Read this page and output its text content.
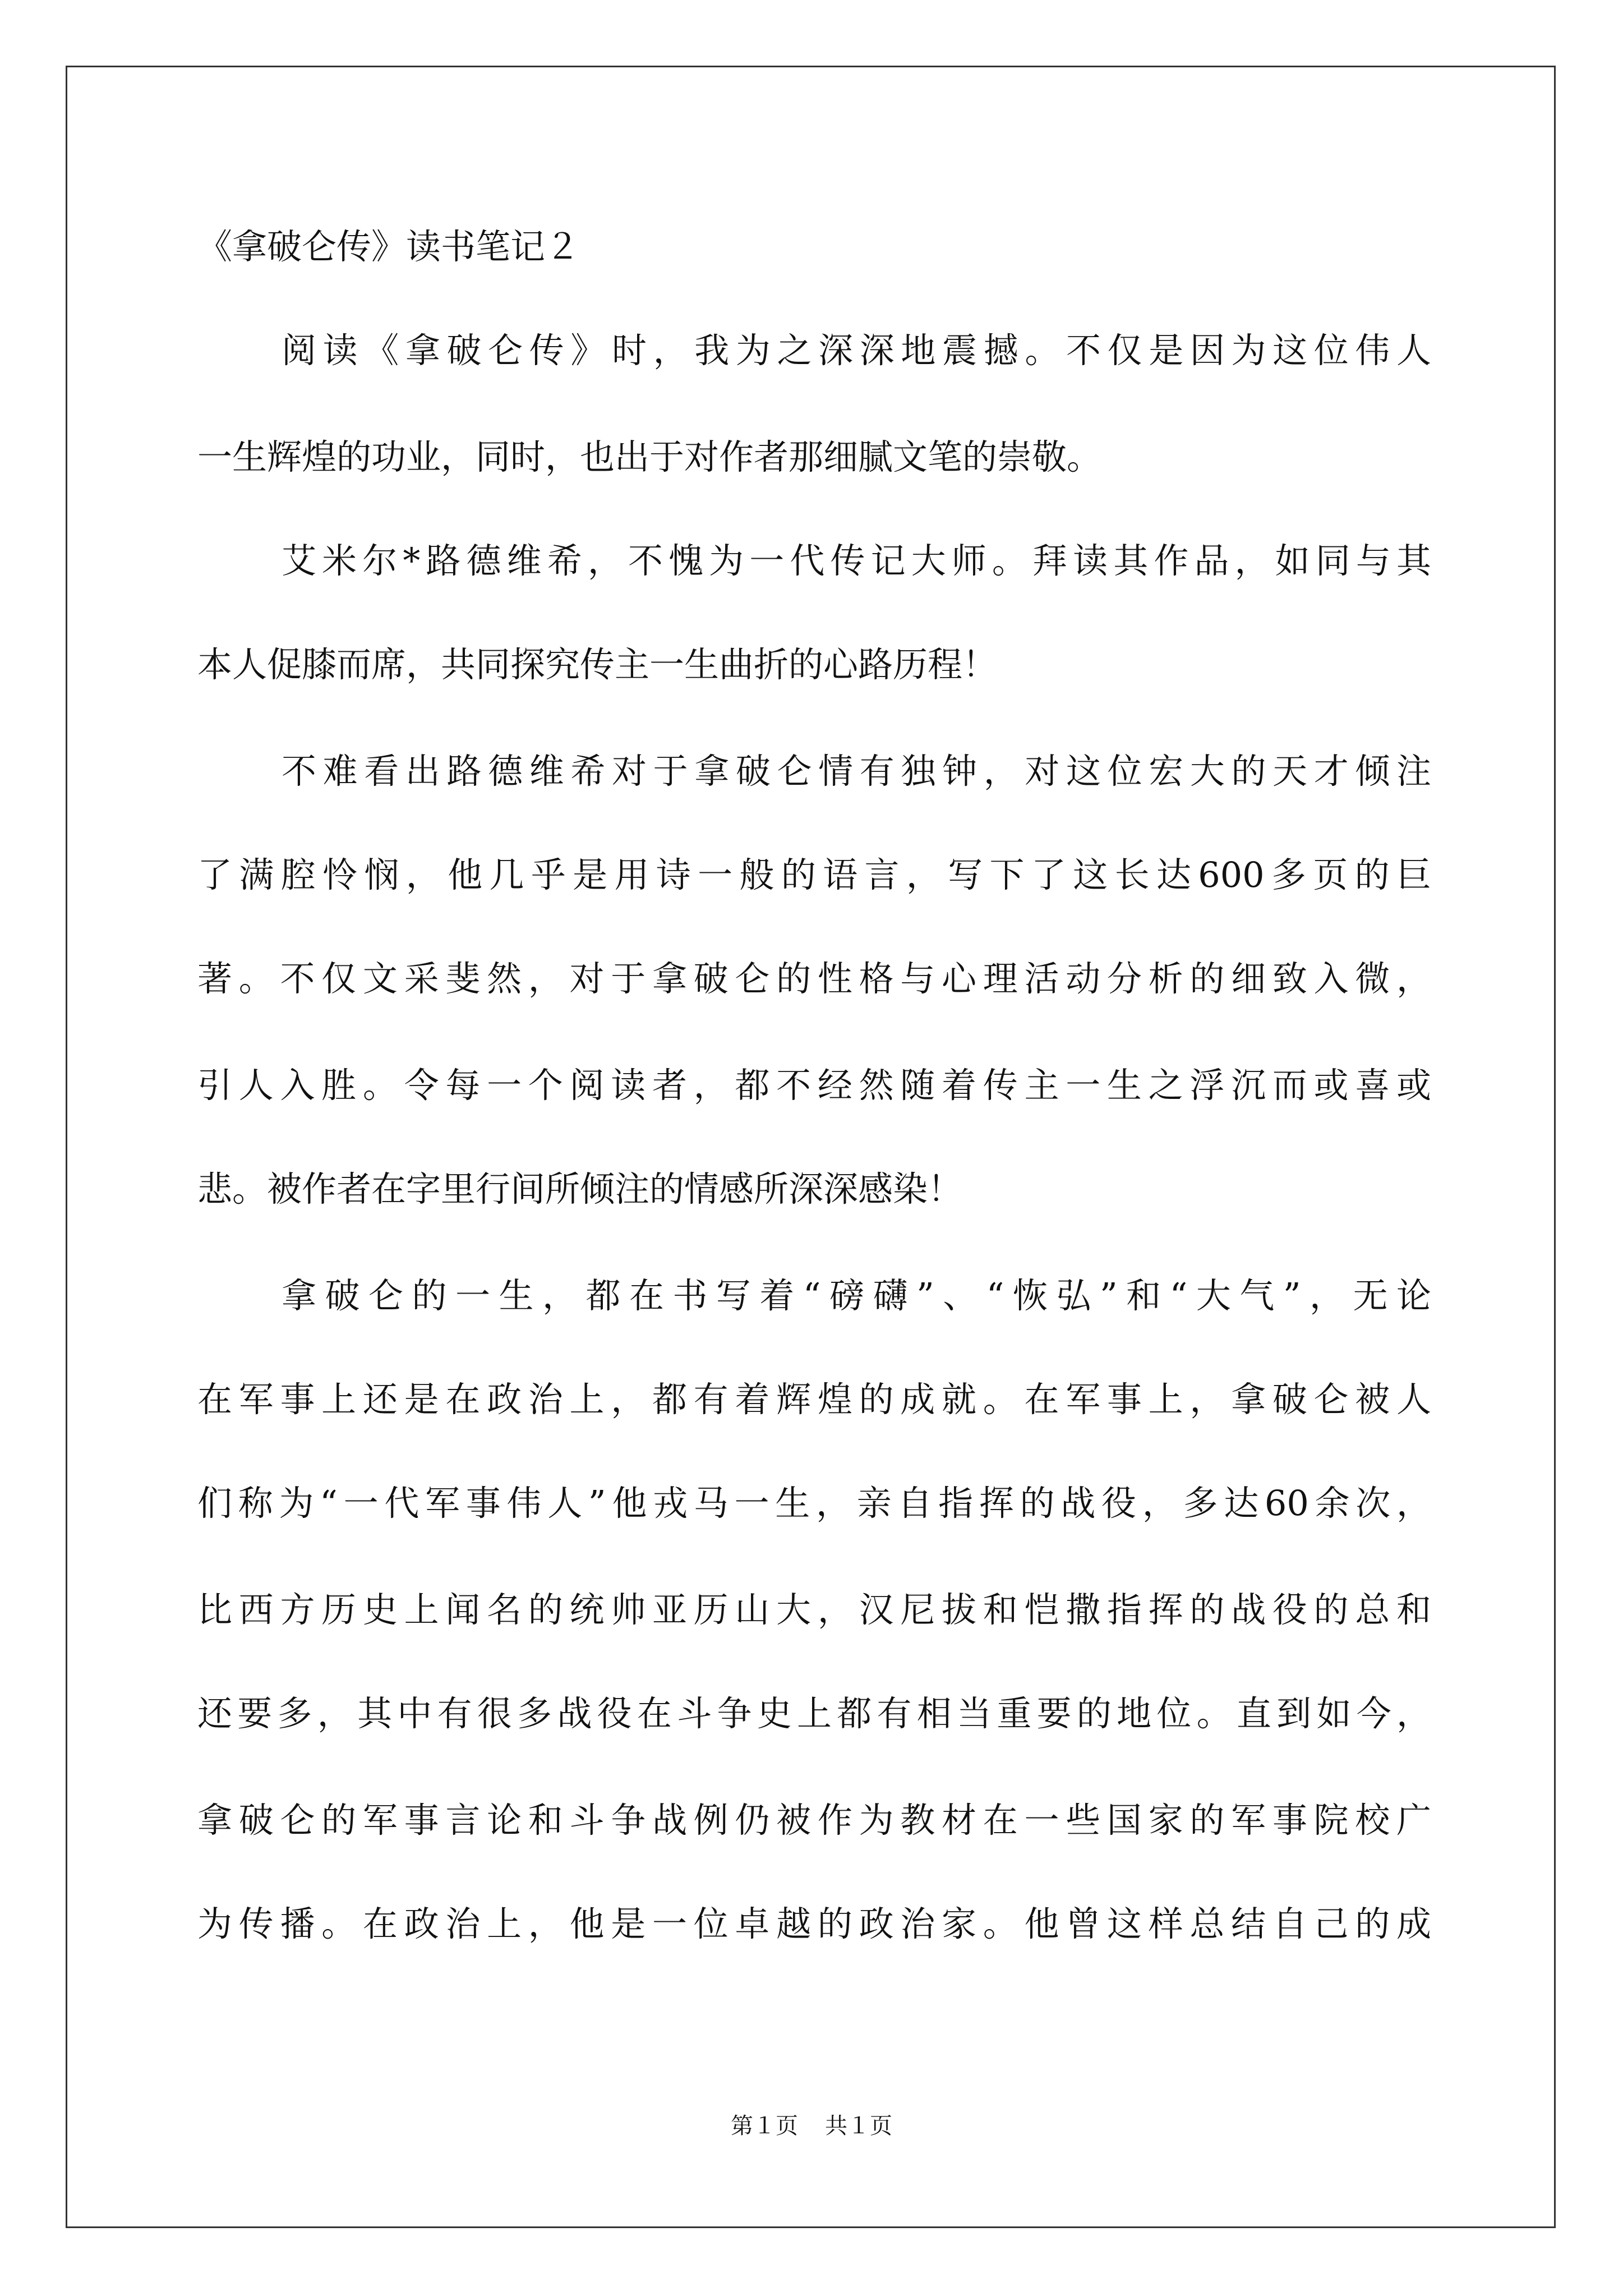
《拿破仑传》读书笔记２

阅读《拿破仑传》时，我为之深深地震撼。不仅是因为这位伟人

一生辉煌的功业，同时，也出于对作者那细腻文笔的崇敬。

艾米尔*路德维希，不愧为一代传记大师。拜读其作品，如同与其

本人促膝而席，共同探究传主一生曲折的心路历程！

不难看出路德维希对于拿破仑情有独钟，对这位宏大的天才倾注

了满腔怜悯，他几乎是用诗一般的语言，写下了这长达600多页的巨

著。不仅文采斐然，对于拿破仑的性格与心理活动分析的细致入微，

引人入胜。令每一个阅读者，都不经然随着传主一生之浮沉而或喜或

悲。被作者在字里行间所倾注的情感所深深感染！

拿破仑的一生，都在书写着“磅礴”、“恢弘”和“大气”，无论

在军事上还是在政治上，都有着辉煌的成就。在军事上，拿破仑被人

们称为“一代军事伟人”他戎马一生，亲自指挥的战役，多达60余次，

比西方历史上闻名的统帅亚历山大，汉尼拔和恺撒指挥的战役的总和

还要多，其中有很多战役在斗争史上都有相当重要的地位。直到如今，

拿破仑的军事言论和斗争战例仍被作为教材在一些国家的军事院校广

为传播。在政治上，他是一位卓越的政治家。他曾这样总结自己的成

第１页 共１页
